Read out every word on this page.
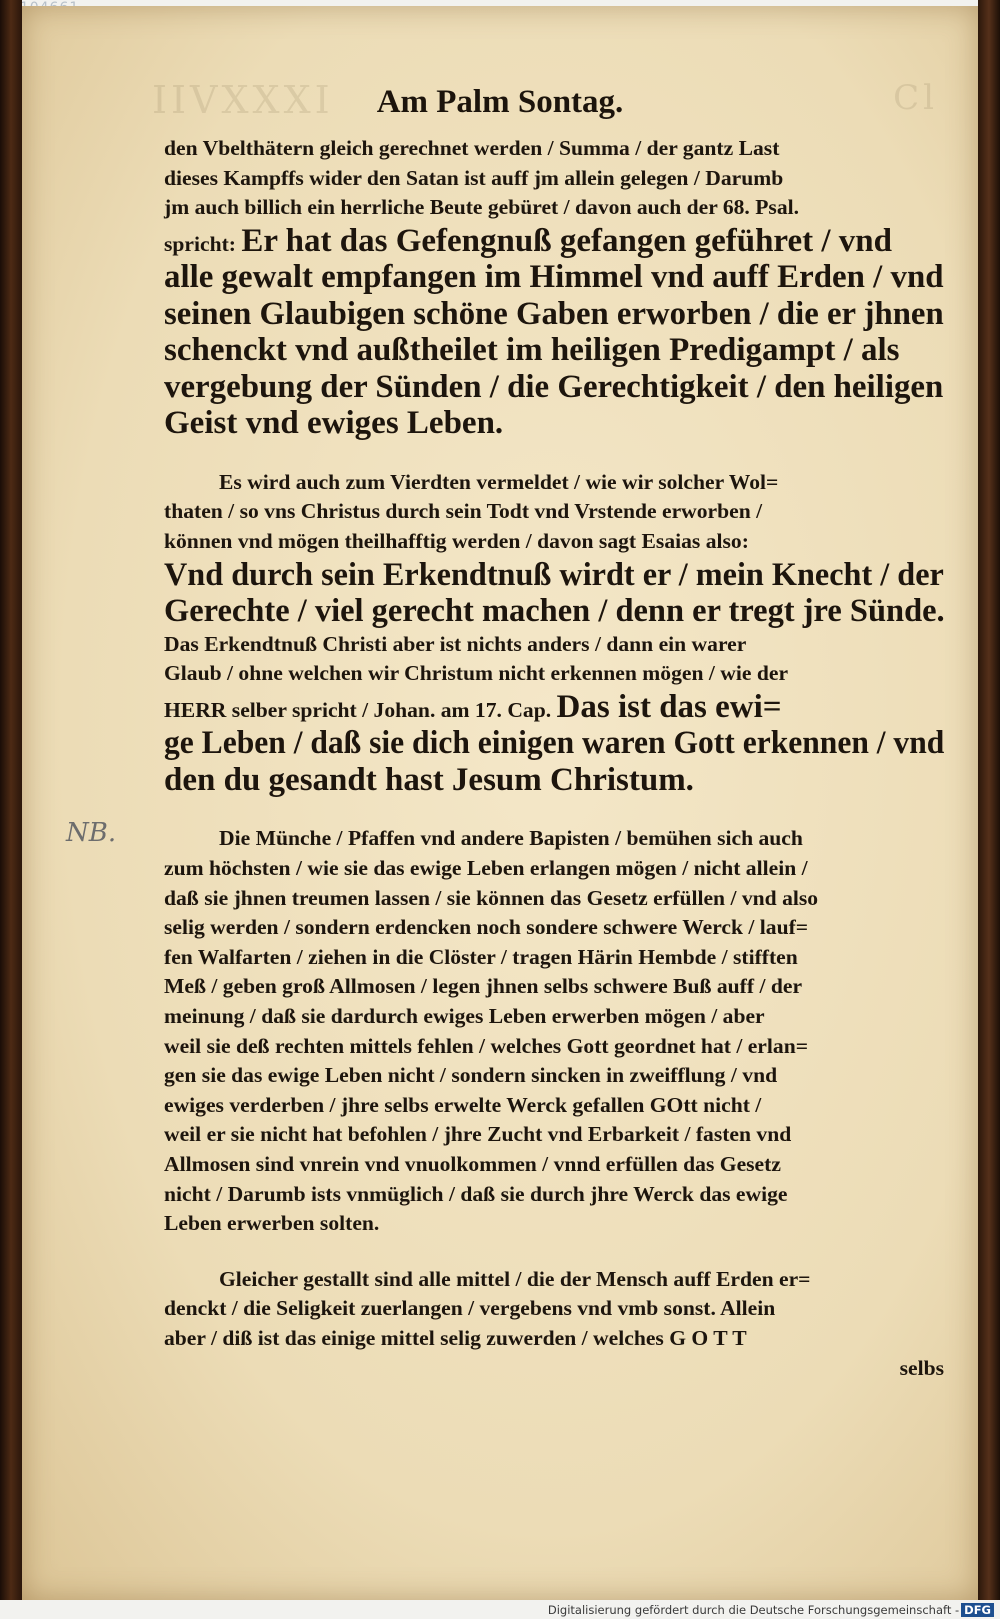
IIVXXXI	Cl
Am Palm Sontag.
den Vbelthätern gleich gerechnet werden / Summa / der gantz Last
dieses Kampffs wider den Satan ist auff jm allein gelegen / Darumb
jm auch billich ein herrliche Beute gebüret / davon auch der 68. Psal.
spricht: Er hat das Gefengnuß gefangen geführet / vnd
alle gewalt empfangen im Himmel vnd auff Erden / vnd
seinen Glaubigen schöne Gaben erworben / die er jhnen
schenckt vnd außtheilet im heiligen Predigampt / als
vergebung der Sünden / die Gerechtigkeit / den heiligen
Geist vnd ewiges Leben.
Es wird auch zum Vierdten vermeldet / wie wir solcher Wol=
thaten / so vns Christus durch sein Todt vnd Vrstende erworben /
können vnd mögen theilhafftig werden / davon sagt Esaias also:
Vnd durch sein Erkendtnuß wirdt er / mein Knecht / der
Gerechte / viel gerecht machen / denn er tregt jre Sünde.
Das Erkendtnuß Christi aber ist nichts anders / dann ein warer
Glaub / ohne welchen wir Christum nicht erkennen mögen / wie der
HERR selber spricht / Johan. am 17. Cap. Das ist das ewi=
ge Leben / daß sie dich einigen waren Gott erkennen / vnd
den du gesandt hast Jesum Christum.
Die Münche / Pfaffen vnd andere Bapisten / bemühen sich auch
zum höchsten / wie sie das ewige Leben erlangen mögen / nicht allein /
daß sie jhnen treumen lassen / sie können das Gesetz erfüllen / vnd also
selig werden / sondern erdencken noch sondere schwere Werck / lauf=
fen Walfarten / ziehen in die Clöster / tragen Härin Hembde / stifften
Meß / geben groß Allmosen / legen jhnen selbs schwere Buß auff / der
meinung / daß sie dardurch ewiges Leben erwerben mögen / aber
weil sie deß rechten mittels fehlen / welches Gott geordnet hat / erlan=
gen sie das ewige Leben nicht / sondern sincken in zweifflung / vnd
ewiges verderben / jhre selbs erwelte Werck gefallen GOtt nicht /
weil er sie nicht hat befohlen / jhre Zucht vnd Erbarkeit / fasten vnd
Allmosen sind vnrein vnd vnuolkommen / vnnd erfüllen das Gesetz
nicht / Darumb ists vnmüglich / daß sie durch jhre Werck das ewige
Leben erwerben solten.
Gleicher gestallt sind alle mittel / die der Mensch auff Erden er=
denckt / die Seligkeit zuerlangen / vergebens vnd vmb sonst. Allein
aber / diß ist das einige mittel selig zuwerden / welches G O T T
selbs
NB.
Digitalisierung gefördert durch die Deutsche Forschungsgemeinschaft - DFG
